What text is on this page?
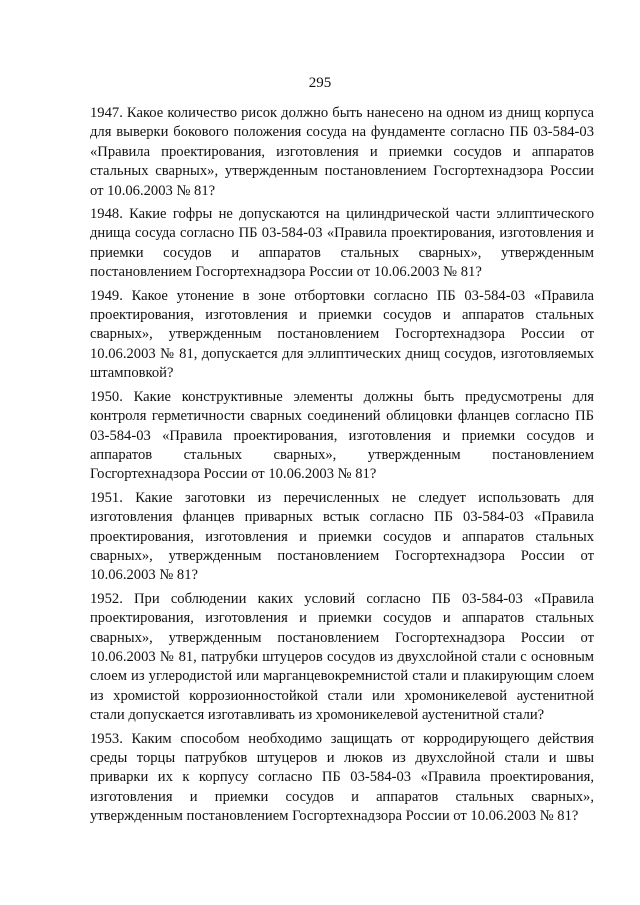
295

1947. Какое количество рисок должно быть нанесено на одном из днищ корпуса для выверки бокового положения сосуда на фундаменте согласно ПБ 03-584-03 «Правила проектирования, изготовления и приемки сосудов и аппаратов стальных сварных», утвержденным постановлением Госгортехнадзора России от 10.06.2003 № 81?

1948. Какие гофры не допускаются на цилиндрической части эллиптического днища сосуда согласно ПБ 03-584-03 «Правила проектирования, изготовления и приемки сосудов и аппаратов стальных сварных», утвержденным постановлением Госгортехнадзора России от 10.06.2003 № 81?

1949. Какое утонение в зоне отбортовки согласно ПБ 03-584-03 «Правила проектирования, изготовления и приемки сосудов и аппаратов стальных сварных», утвержденным постановлением Госгортехнадзора России от 10.06.2003 № 81, допускается для эллиптических днищ сосудов, изготовляемых штамповкой?

1950. Какие конструктивные элементы должны быть предусмотрены для контроля герметичности сварных соединений облицовки фланцев согласно ПБ 03-584-03 «Правила проектирования, изготовления и приемки сосудов и аппаратов стальных сварных», утвержденным постановлением Госгортехнадзора России от 10.06.2003 № 81?

1951. Какие заготовки из перечисленных не следует использовать для изготовления фланцев приварных встык согласно ПБ 03-584-03 «Правила проектирования, изготовления и приемки сосудов и аппаратов стальных сварных», утвержденным постановлением Госгортехнадзора России от 10.06.2003 № 81?

1952. При соблюдении каких условий согласно ПБ 03-584-03 «Правила проектирования, изготовления и приемки сосудов и аппаратов стальных сварных», утвержденным постановлением Госгортехнадзора России от 10.06.2003 № 81, патрубки штуцеров сосудов из двухслойной стали с основным слоем из углеродистой или марганцевокремнистой стали и плакирующим слоем из хромистой коррозионностойкой стали или хромоникелевой аустенитной стали допускается изготавливать из хромоникелевой аустенитной стали?

1953. Каким способом необходимо защищать от корродирующего действия среды торцы патрубков штуцеров и люков из двухслойной стали и швы приварки их к корпусу согласно ПБ 03-584-03 «Правила проектирования, изготовления и приемки сосудов и аппаратов стальных сварных», утвержденным постановлением Госгортехнадзора России от 10.06.2003 № 81?
